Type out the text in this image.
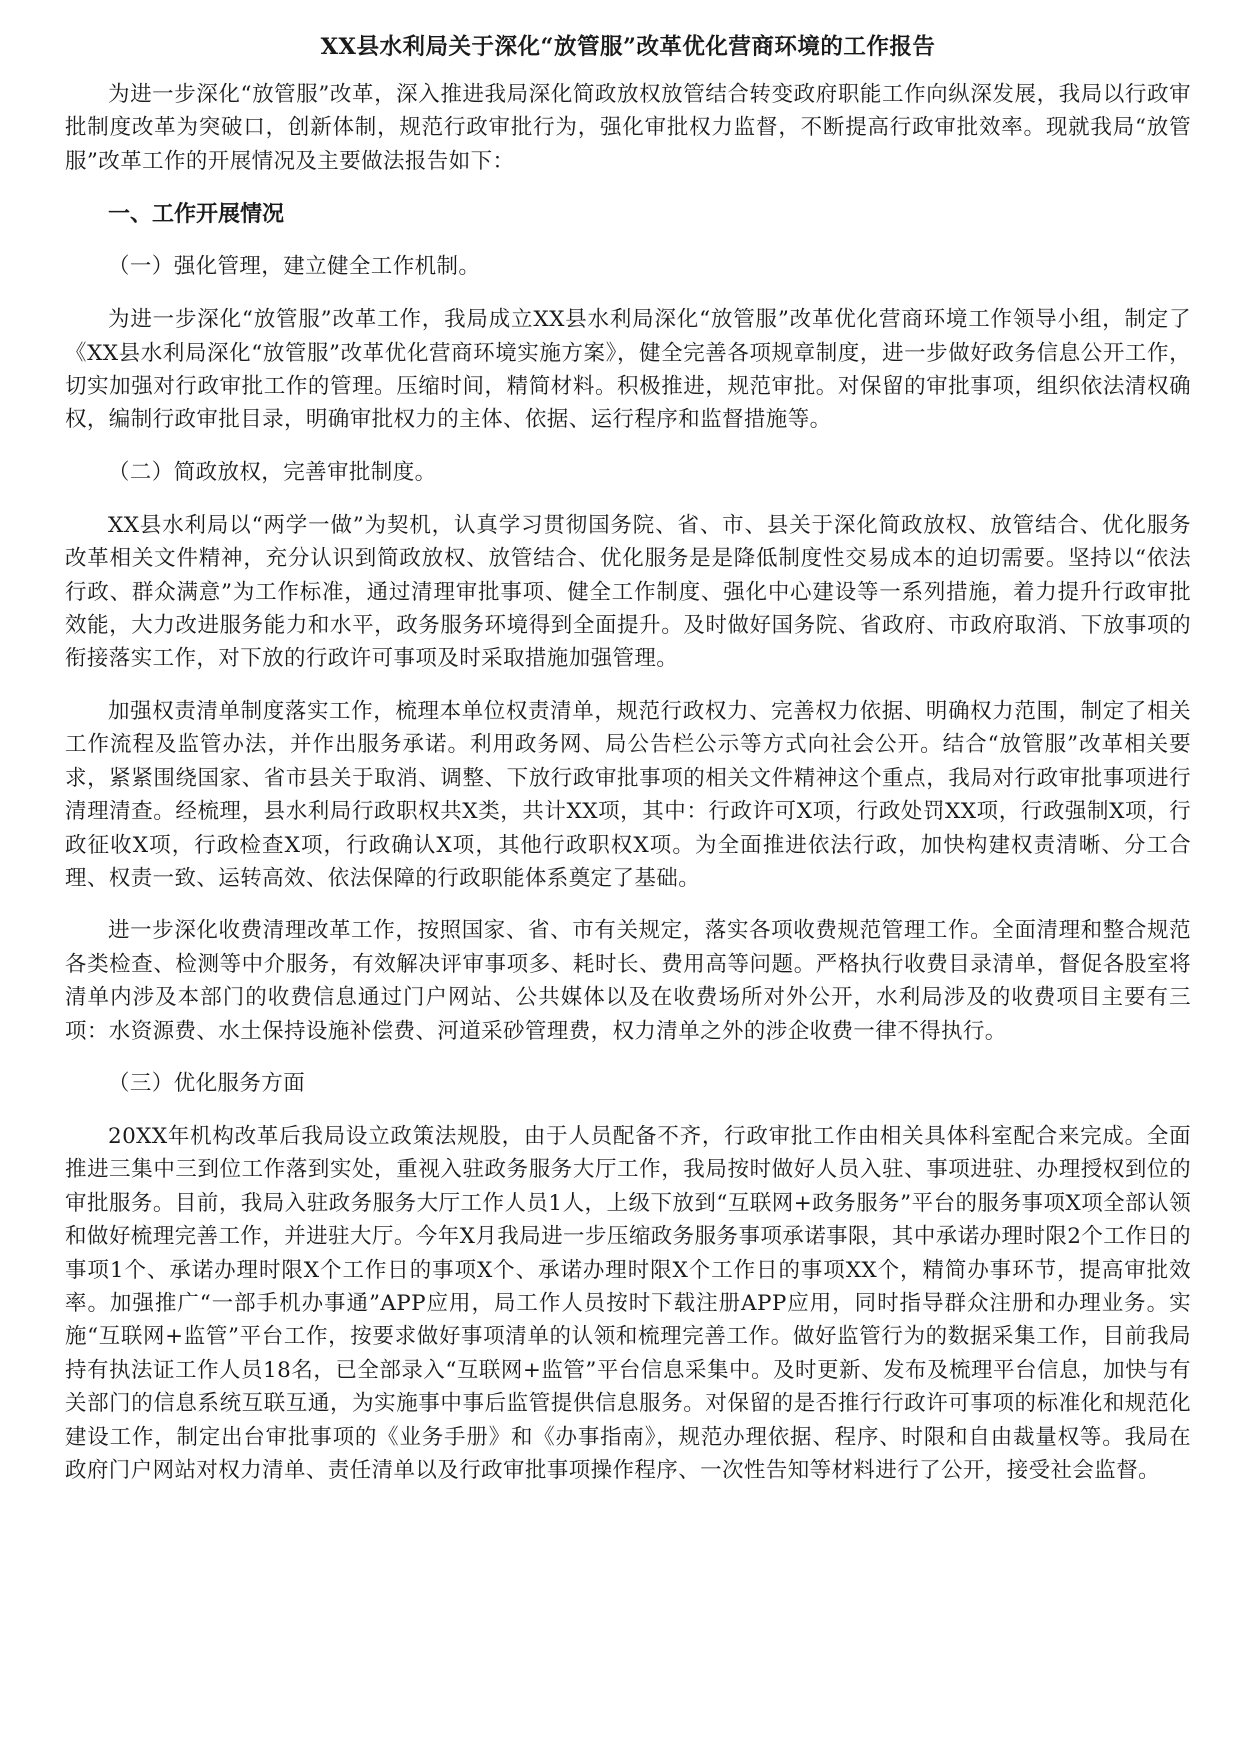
XX县水利局关于深化“放管服”改革优化营商环境的工作报告

为进一步深化“放管服”改革，深入推进我局深化简政放权放管结合转变政府职能工作向纵深发展，我局以行政审批制度改革为突破口，创新体制，规范行政审批行为，强化审批权力监督，不断提高行政审批效率。现就我局“放管服”改革工作的开展情况及主要做法报告如下：

一、工作开展情况
（一）强化管理，建立健全工作机制。

为进一步深化“放管服”改革工作，我局成立XX县水利局深化“放管服”改革优化营商环境工作领导小组，制定了《XX县水利局深化“放管服”改革优化营商环境实施方案》，健全完善各项规章制度，进一步做好政务信息公开工作，切实加强对行政审批工作的管理。压缩时间，精简材料。积极推进，规范审批。对保留的审批事项，组织依法清权确权，编制行政审批目录，明确审批权力的主体、依据、运行程序和监督措施等。

（二）简政放权，完善审批制度。

XX县水利局以“两学一做”为契机，认真学习贯彻国务院、省、市、县关于深化简政放权、放管结合、优化服务改革相关文件精神，充分认识到简政放权、放管结合、优化服务是是降低制度性交易成本的迫切需要。坚持以“依法行政、群众满意”为工作标准，通过清理审批事项、健全工作制度、强化中心建设等一系列措施，着力提升行政审批效能，大力改进服务能力和水平，政务服务环境得到全面提升。及时做好国务院、省政府、市政府取消、下放事项的衔接落实工作，对下放的行政许可事项及时采取措施加强管理。

加强权责清单制度落实工作，梳理本单位权责清单，规范行政权力、完善权力依据、明确权力范围，制定了相关工作流程及监管办法，并作出服务承诺。利用政务网、局公告栏公示等方式向社会公开。结合“放管服”改革相关要求，紧紧围绕国家、省市县关于取消、调整、下放行政审批事项的相关文件精神这个重点，我局对行政审批事项进行清理清查。经梳理，县水利局行政职权共X类，共计XX项，其中：行政许可X项，行政处罚XX项，行政强制X项，行政征收X项，行政检查X项，行政确认X项，其他行政职权X项。为全面推进依法行政，加快构建权责清晰、分工合理、权责一致、运转高效、依法保障的行政职能体系奠定了基础。

进一步深化收费清理改革工作，按照国家、省、市有关规定，落实各项收费规范管理工作。全面清理和整合规范各类检查、检测等中介服务，有效解决评审事项多、耗时长、费用高等问题。严格执行收费目录清单，督促各股室将清单内涉及本部门的收费信息通过门户网站、公共媒体以及在收费场所对外公开，水利局涉及的收费项目主要有三项：水资源费、水土保持设施补偿费、河道采砂管理费，权力清单之外的涉企收费一律不得执行。

（三）优化服务方面

20XX年机构改革后我局设立政策法规股，由于人员配备不齐，行政审批工作由相关具体科室配合来完成。全面推进三集中三到位工作落到实处，重视入驻政务服务大厅工作，我局按时做好人员入驻、事项进驻、办理授权到位的审批服务。目前，我局入驻政务服务大厅工作人员1人，上级下放到“互联网+政务服务”平台的服务事项X项全部认领和做好梳理完善工作，并进驻大厅。今年X月我局进一步压缩政务服务事项承诺事限，其中承诺办理时限2个工作日的事项1个、承诺办理时限X个工作日的事项X个、承诺办理时限X个工作日的事项XX个，精简办事环节，提高审批效率。加强推广“一部手机办事通”APP应用，局工作人员按时下载注册APP应用，同时指导群众注册和办理业务。实施“互联网+监管”平台工作，按要求做好事项清单的认领和梳理完善工作。做好监管行为的数据采集工作，目前我局持有执法证工作人员18名，已全部录入“互联网+监管”平台信息采集中。及时更新、发布及梳理平台信息，加快与有关部门的信息系统互联互通，为实施事中事后监管提供信息服务。对保留的是否推行行政许可事项的标准化和规范化建设工作，制定出台审批事项的《业务手册》和《办事指南》，规范办理依据、程序、时限和自由裁量权等。我局在政府门户网站对权力清单、责任清单以及行政审批事项操作程序、一次性告知等材料进行了公开，接受社会监督。
